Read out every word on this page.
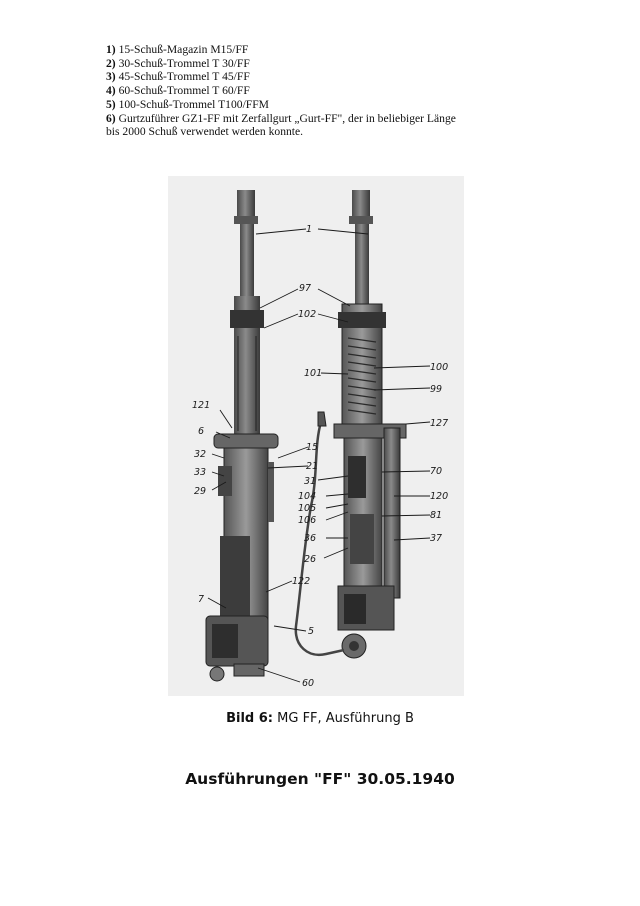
1) 15-Schuß-Magazin M15/FF
2) 30-Schuß-Trommel T 30/FF
3) 45-Schuß-Trommel T 45/FF
4) 60-Schuß-Trommel T 60/FF
5) 100-Schuß-Trommel T100/FFM
6) Gurtzuführer GZ1-FF mit Zerfallgurt „Gurt-FF", der in beliebiger Länge
bis 2000 Schuß verwendet werden konnte.
1
97
102
100
101
99
121
127
6
15
32
21
33
31
70
29	104	120
105
106	81
36	37
26
122
7
5
60
Bild 6: MG FF, Ausführung B
Ausführungen "FF" 30.05.1940
